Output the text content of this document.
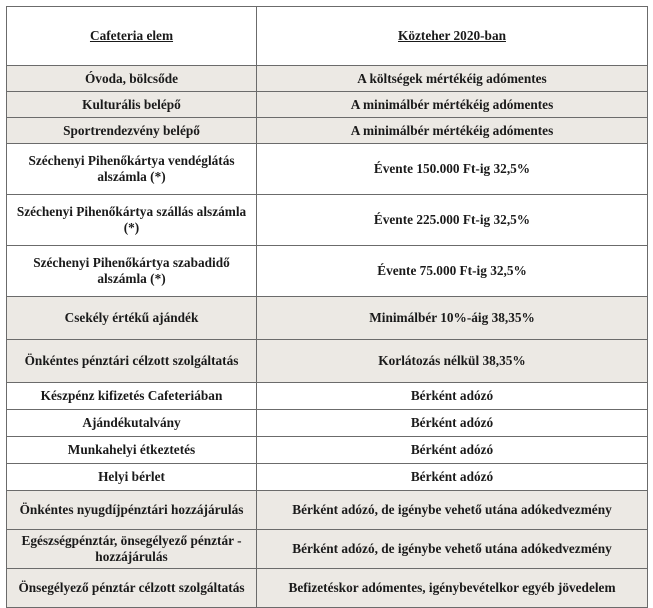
Cafeteria elem	Közteher 2020-ban
Óvoda, bölcsőde	A költségek mértékéig adómentes
Kulturális belépő	A minimálbér mértékéig adómentes
Sportrendezvény belépő	A minimálbér mértékéig adómentes
Széchenyi Pihenőkártya vendéglátás alszámla (*)	Évente 150.000 Ft-ig 32,5%
Széchenyi Pihenőkártya szállás alszámla (*)	Évente 225.000 Ft-ig 32,5%
Széchenyi Pihenőkártya szabadidő alszámla (*)	Évente 75.000 Ft-ig 32,5%
Csekély értékű ajándék	Minimálbér 10%-áig 38,35%
Önkéntes pénztári célzott szolgáltatás	Korlátozás nélkül 38,35%
Készpénz kifizetés Cafeteriában	Bérként adózó
Ajándékutalvány	Bérként adózó
Munkahelyi étkeztetés	Bérként adózó
Helyi bérlet	Bérként adózó
Önkéntes nyugdíjpénztári hozzájárulás	Bérként adózó, de igénybe vehető utána adókedvezmény
Egészségpénztár, önsegélyező pénztár - hozzájárulás	Bérként adózó, de igénybe vehető utána adókedvezmény
Önsegélyező pénztár célzott szolgáltatás	Befizetéskor adómentes, igénybevételkor egyéb jövedelem
